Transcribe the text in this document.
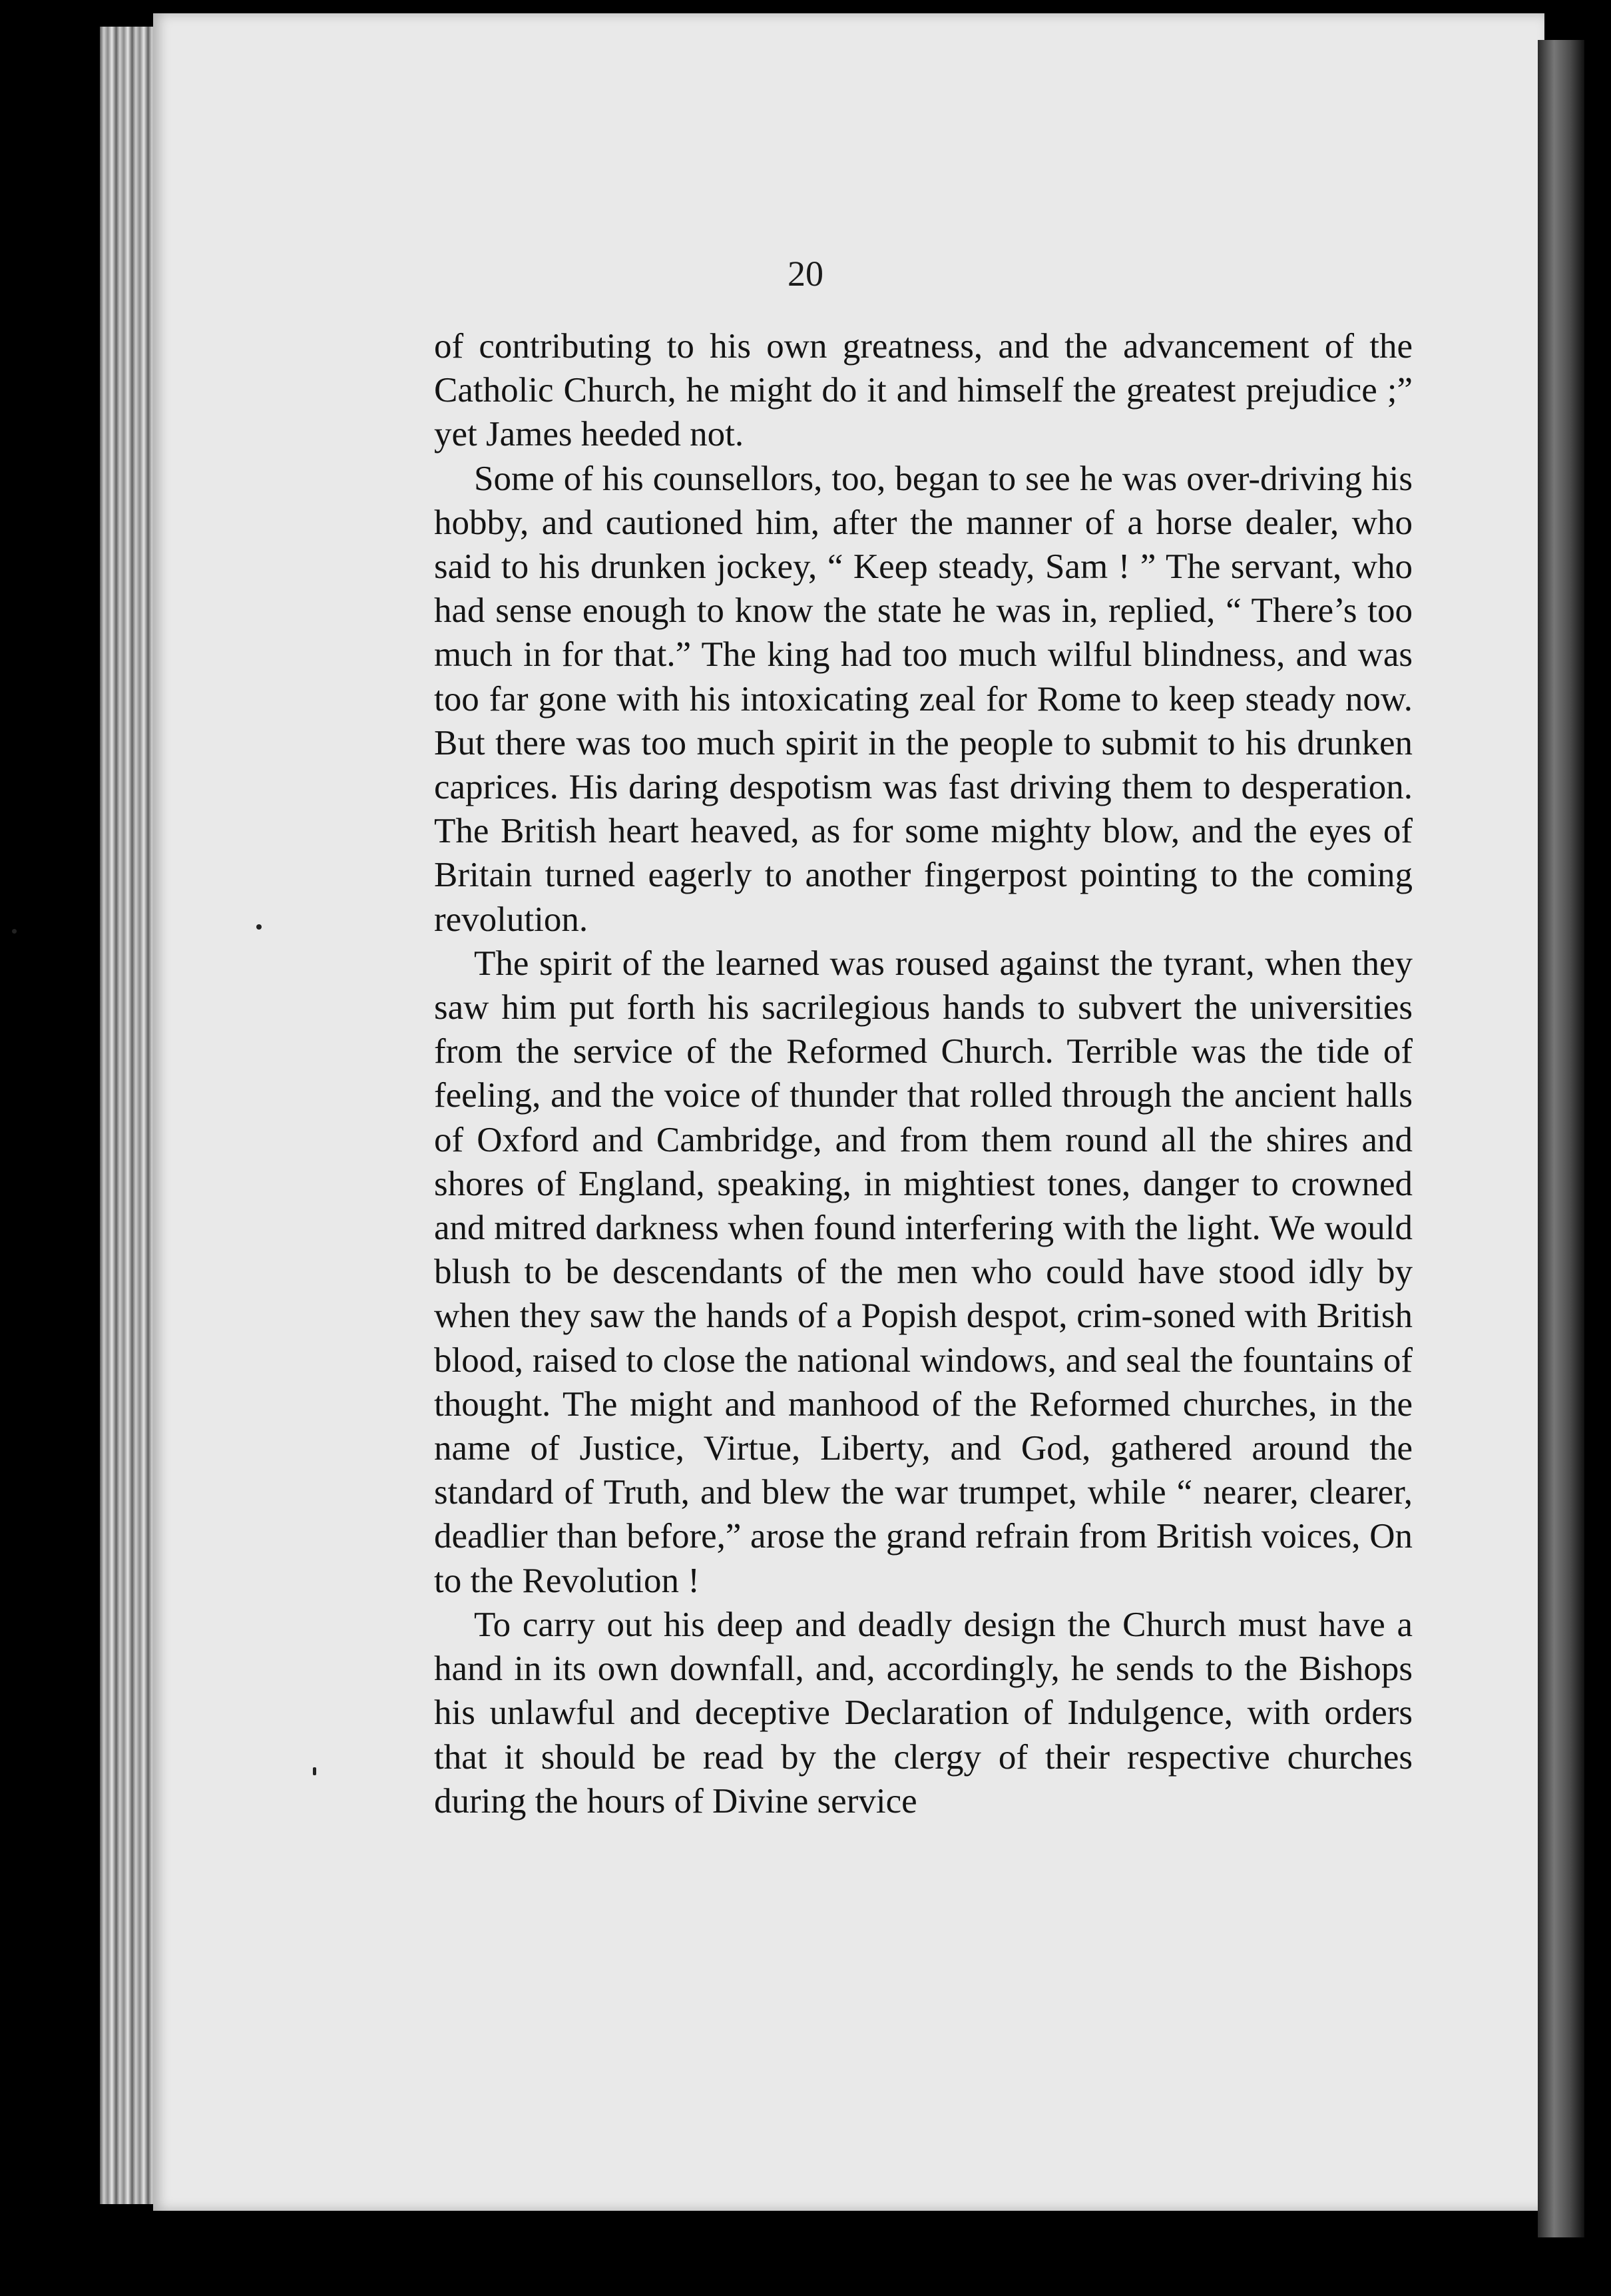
20

of contributing to his own greatness, and the advancement of the Catholic Church, he might do it and himself the greatest prejudice ;” yet James heeded not.

Some of his counsellors, too, began to see he was over-driving his hobby, and cautioned him, after the manner of a horse dealer, who said to his drunken jockey, “ Keep steady, Sam ! ” The servant, who had sense enough to know the state he was in, replied, “ There’s too much in for that.” The king had too much wilful blindness, and was too far gone with his intoxicating zeal for Rome to keep steady now. But there was too much spirit in the people to submit to his drunken caprices. His daring despotism was fast driving them to desperation. The British heart heaved, as for some mighty blow, and the eyes of Britain turned eagerly to another fingerpost pointing to the coming revolution.

The spirit of the learned was roused against the tyrant, when they saw him put forth his sacrilegious hands to subvert the universities from the service of the Reformed Church. Terrible was the tide of feeling, and the voice of thunder that rolled through the ancient halls of Oxford and Cambridge, and from them round all the shires and shores of England, speaking, in mightiest tones, danger to crowned and mitred darkness when found interfering with the light. We would blush to be descendants of the men who could have stood idly by when they saw the hands of a Popish despot, crim-soned with British blood, raised to close the national windows, and seal the fountains of thought. The might and manhood of the Reformed churches, in the name of Justice, Virtue, Liberty, and God, gathered around the standard of Truth, and blew the war trumpet, while “ nearer, clearer, deadlier than before,” arose the grand refrain from British voices, On to the Revolution !

To carry out his deep and deadly design the Church must have a hand in its own downfall, and, accordingly, he sends to the Bishops his unlawful and deceptive Declaration of Indulgence, with orders that it should be read by the clergy of their respective churches during the hours of Divine service
